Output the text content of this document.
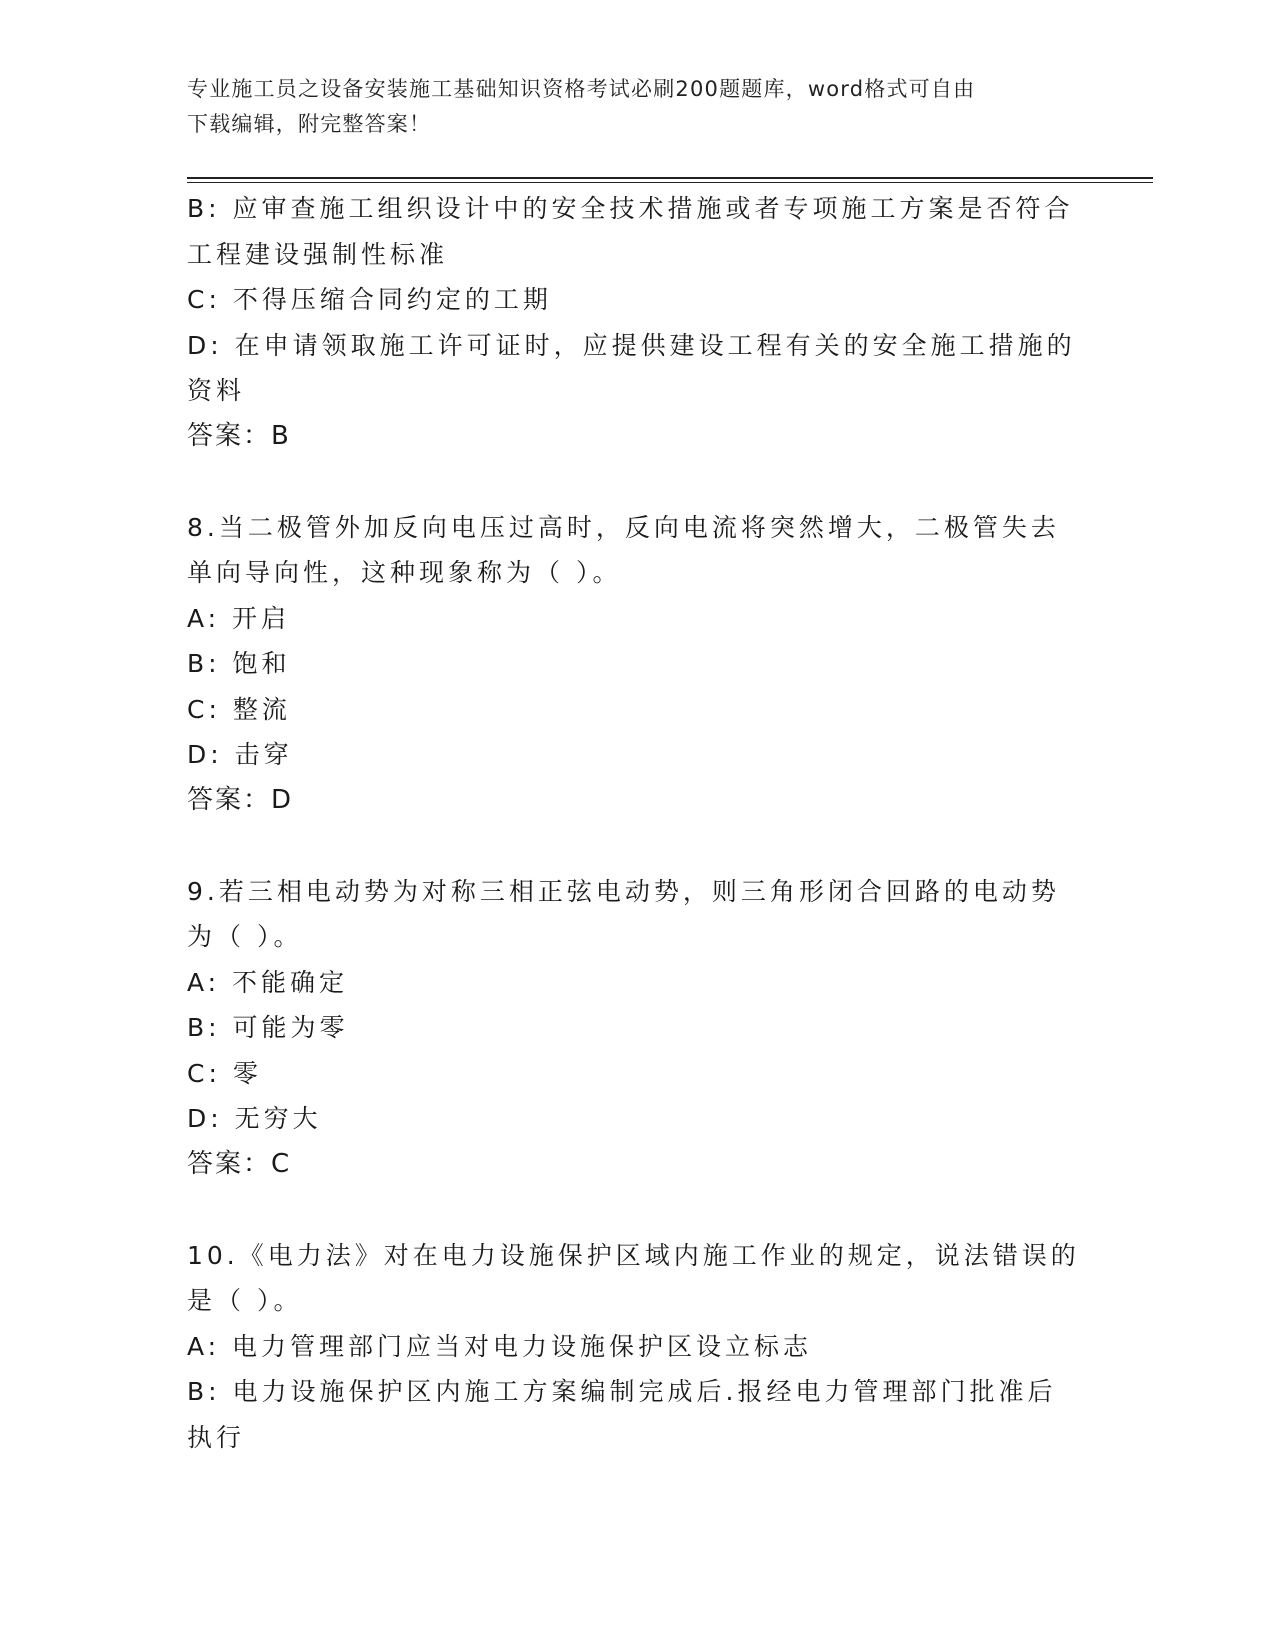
专业施工员之设备安装施工基础知识资格考试必刷200题题库，word格式可自由
下载编辑，附完整答案！
B: 应审查施工组织设计中的安全技术措施或者专项施工方案是否符合
工程建设强制性标准
C: 不得压缩合同约定的工期
D: 在申请领取施工许可证时，应提供建设工程有关的安全施工措施的
资料
答案：B
8.当二极管外加反向电压过高时，反向电流将突然增大，二极管失去
单向导向性，这种现象称为（ ）。
A: 开启
B: 饱和
C: 整流
D: 击穿
答案：D
9.若三相电动势为对称三相正弦电动势，则三角形闭合回路的电动势
为（ ）。
A: 不能确定
B: 可能为零
C: 零
D: 无穷大
答案：C
10.《电力法》对在电力设施保护区域内施工作业的规定，说法错误的
是（ ）。
A: 电力管理部门应当对电力设施保护区设立标志
B: 电力设施保护区内施工方案编制完成后.报经电力管理部门批准后
执行
